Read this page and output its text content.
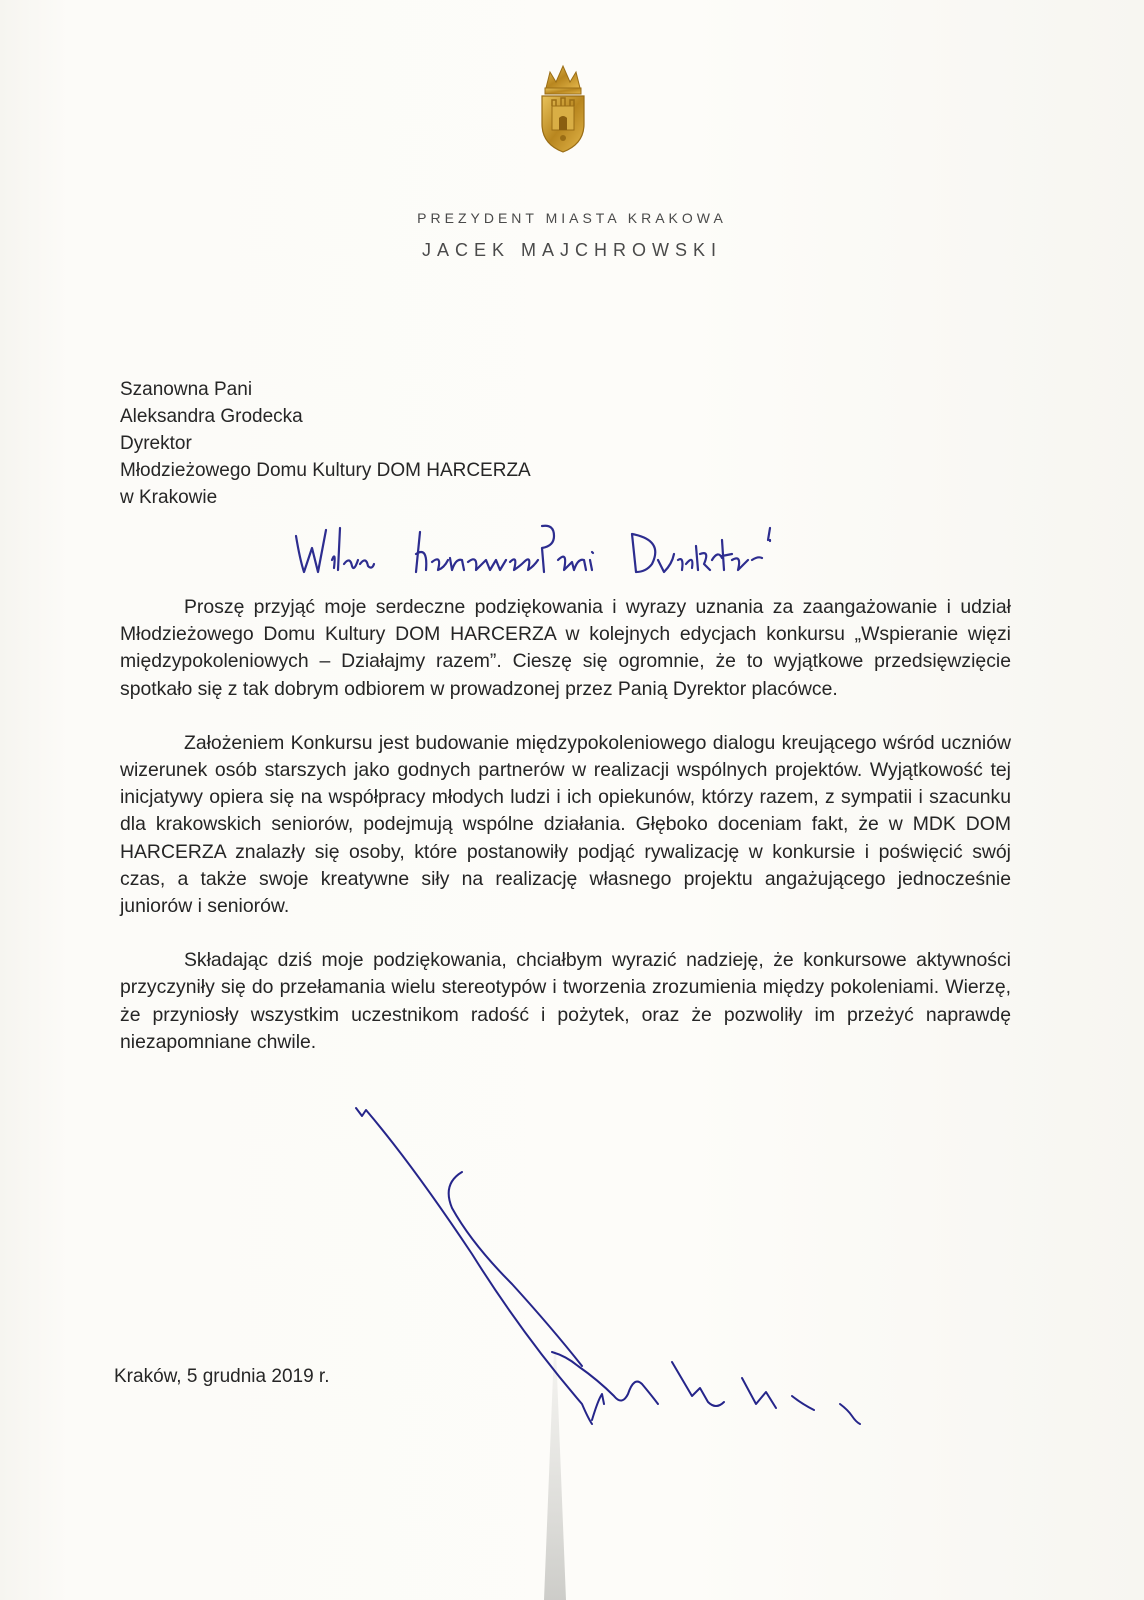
PREZYDENT MIASTA KRAKOWA
JACEK MAJCHROWSKI
Szanowna Pani
Aleksandra Grodecka
Dyrektor
Młodzieżowego Domu Kultury DOM HARCERZA
w Krakowie

Proszę przyjąć moje serdeczne podziękowania i wyrazy uznania za zaangażowanie i udział Młodzieżowego Domu Kultury DOM HARCERZA w kolejnych edycjach konkursu „Wspieranie więzi międzypokoleniowych – Działajmy razem”. Cieszę się ogromnie, że to wyjątkowe przedsięwzięcie spotkało się z tak dobrym odbiorem w prowadzonej przez Panią Dyrektor placówce.

Założeniem Konkursu jest budowanie międzypokoleniowego dialogu kreującego wśród uczniów wizerunek osób starszych jako godnych partnerów w realizacji wspólnych projektów. Wyjątkowość tej inicjatywy opiera się na współpracy młodych ludzi i ich opiekunów, którzy razem, z sympatii i szacunku dla krakowskich seniorów, podejmują wspólne działania. Głęboko doceniam fakt, że w MDK DOM HARCERZA znalazły się osoby, które postanowiły podjąć rywalizację w konkursie i poświęcić swój czas, a także swoje kreatywne siły na realizację własnego projektu angażującego jednocześnie juniorów i seniorów.

Składając dziś moje podziękowania, chciałbym wyrazić nadzieję, że konkursowe aktywności przyczyniły się do przełamania wielu stereotypów i tworzenia zrozumienia między pokoleniami. Wierzę, że przyniosły wszystkim uczestnikom radość i pożytek, oraz że pozwoliły im przeżyć naprawdę niezapomniane chwile.

Kraków, 5 grudnia 2019 r.
